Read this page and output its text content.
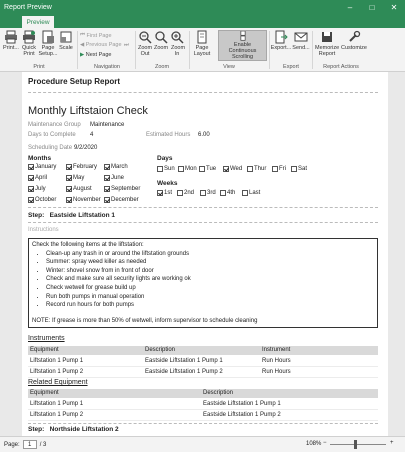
Report Preview	–	□	✕
Preview
Print... Quick Print
Page Setup...
Scale
Print
⏮ First Page
◀ Previous Page
▶ Next Page
⏭
Navigation
Zoom Out
Zoom Zoom In
Zoom
Page Layout
Enable Continuous Scrolling
View
Export... Send...
Export
Memorize Report
Customize
Report Actions
Procedure Setup Report
Monthly Liftstaion Check
Maintenance Group Maintenance
Days to Complete 4	Estimated Hours 6.00
Scheduling Date 9/2/2020
Months	Days
Weeks
January	February March
April	May	June
July	August	September
October	November December
Sun Mon Tue Wed Thur Fri Sat
1st 2nd 3rd 4th Last
Step: Eastside Liftstation 1
Instructions
Check the following items at the liftstation:
• Clean-up any trash in or around the liftstation grounds
• Summer: spray weed killer as needed
• Winter: shovel snow from in front of door
• Check and make sure all security lights are working ok
• Check wetwell for grease build up
• Run both pumps in manual operation
• Record run hours for both pumps
NOTE: If grease is more than 50% of wetwell, inform supervisor to schedule cleaning
Instruments
Equipment	Description	Instrument
Liftstation 1 Pump 1	Eastside Liftstation 1 Pump 1	Run Hours
Liftstation 1 Pump 2	Eastside Liftstation 1 Pump 2	Run Hours
Related Equipment
Equipment	Description
Liftstation 1 Pump 1	Eastside Liftstation 1 Pump 1
Liftstation 1 Pump 2	Eastside Liftstation 1 Pump 2
Step: Northside Liftstation 2
Page:	1	/ 3	108% −	+
